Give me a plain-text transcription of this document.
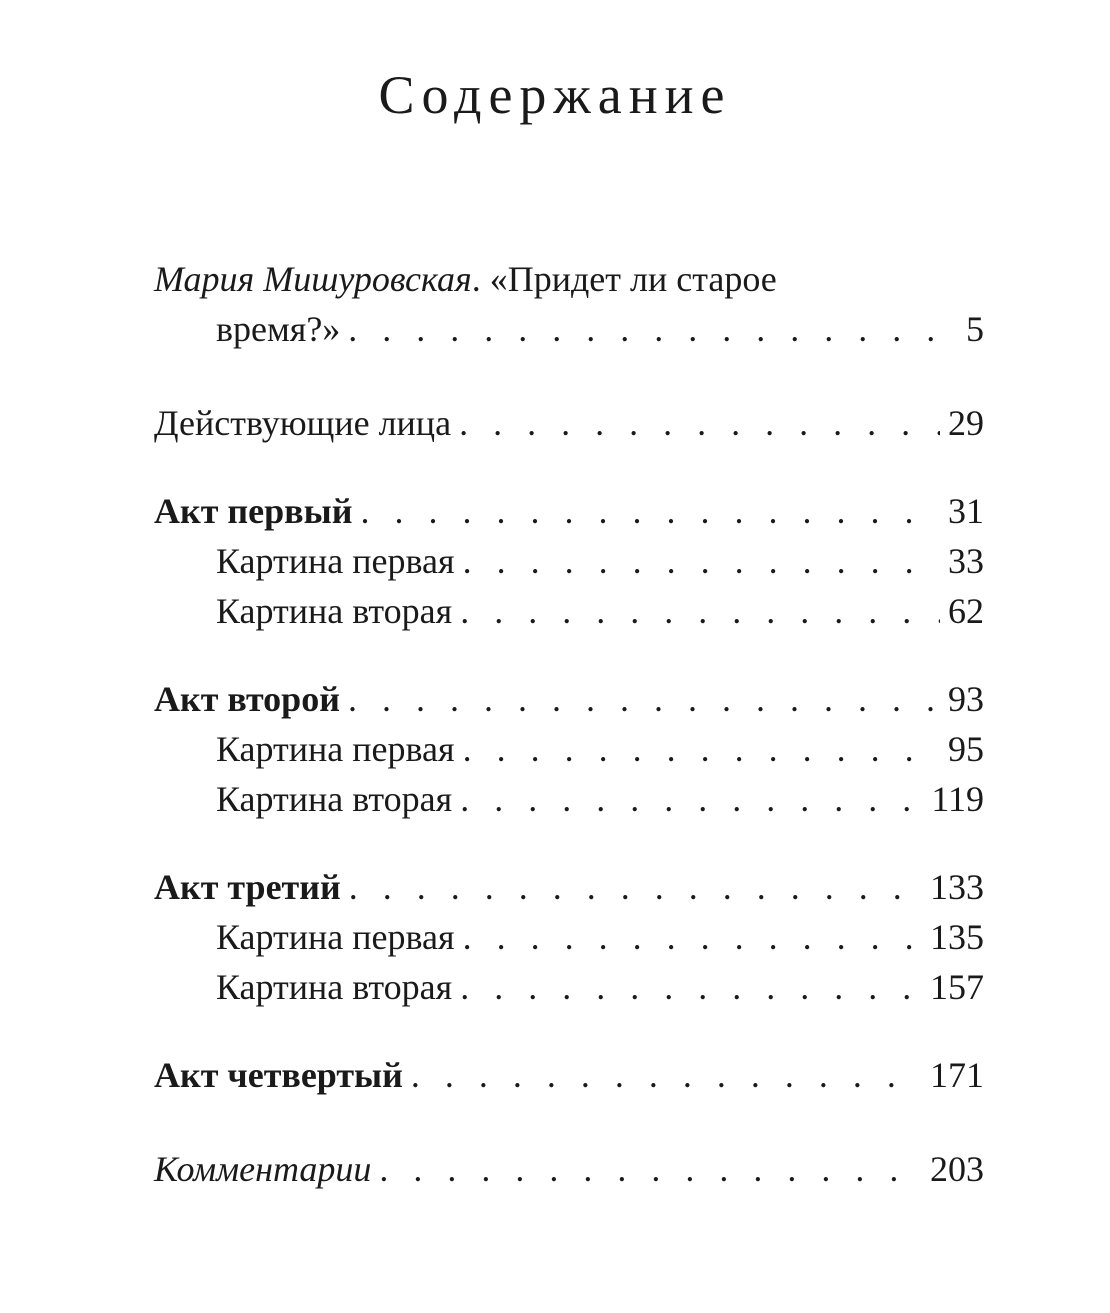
Содержание
Мария Мишуровская. «Придет ли старое
время?» . . .	5
Действующие лица . . .	29
Акт первый . . .	31
Картина первая . . .	33
Картина вторая . . .	62
Акт второй . . .	93
Картина первая . . .	95
Картина вторая . . .	119
Акт третий . . .	133
Картина первая . . .	135
Картина вторая . . .	157
Акт четвертый . . .	171
Комментарии . . .	203
